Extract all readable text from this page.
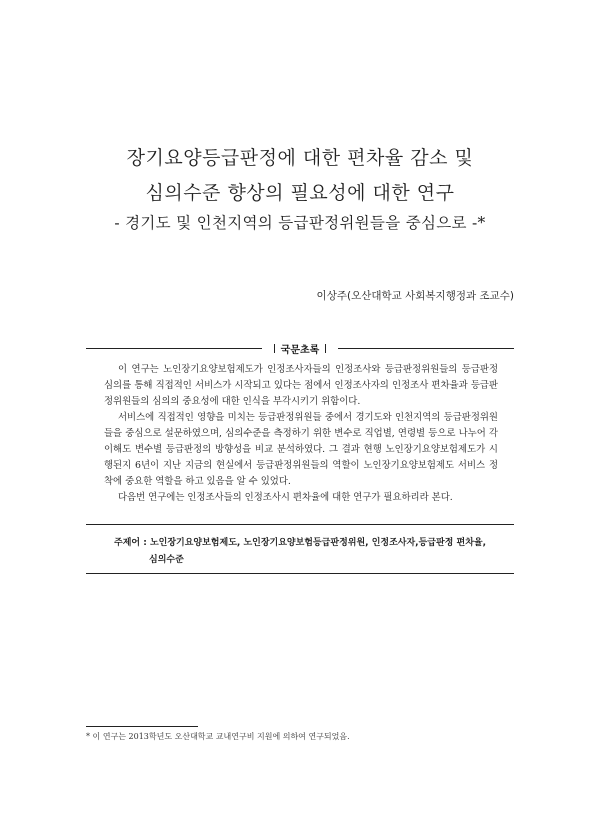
장기요양등급판정에 대한 편차율 감소 및
심의수준 향상의 필요성에 대한 연구
- 경기도 및 인천지역의 등급판정위원들을 중심으로 -*
이상주(오산대학교 사회복지행정과 조교수)
국문초록

이 연구는 노인장기요양보험제도가 인정조사자들의 인정조사와 등급판정위원들의 등급판정 심의를 통해 직접적인 서비스가 시작되고 있다는 점에서 인정조사자의 인정조사 편차율과 등급판정위원들의 심의의 중요성에 대한 인식을 부각시키기 위함이다.

서비스에 직접적인 영향을 미치는 등급판정위원들 중에서 경기도와 인천지역의 등급판정위원들을 중심으로 설문하였으며, 심의수준을 측정하기 위한 변수로 직업별, 연령별 등으로 나누어 각 이해도 변수별 등급판정의 방향성을 비교 분석하였다. 그 결과 현행 노인장기요양보험제도가 시행된지 6년이 지난 지금의 현실에서 등급판정위원들의 역할이 노인장기요양보험제도 서비스 정착에 중요한 역할을 하고 있음을 알 수 있었다.

다음번 연구에는 인정조사들의 인정조사시 편차율에 대한 연구가 필요하리라 본다.

주제어 : 노인장기요양보험제도, 노인장기요양보험등급판정위원, 인정조사자,등급판정 편차율,
심의수준
* 이 연구는 2013학년도 오산대학교 교내연구비 지원에 의하여 연구되었음.
